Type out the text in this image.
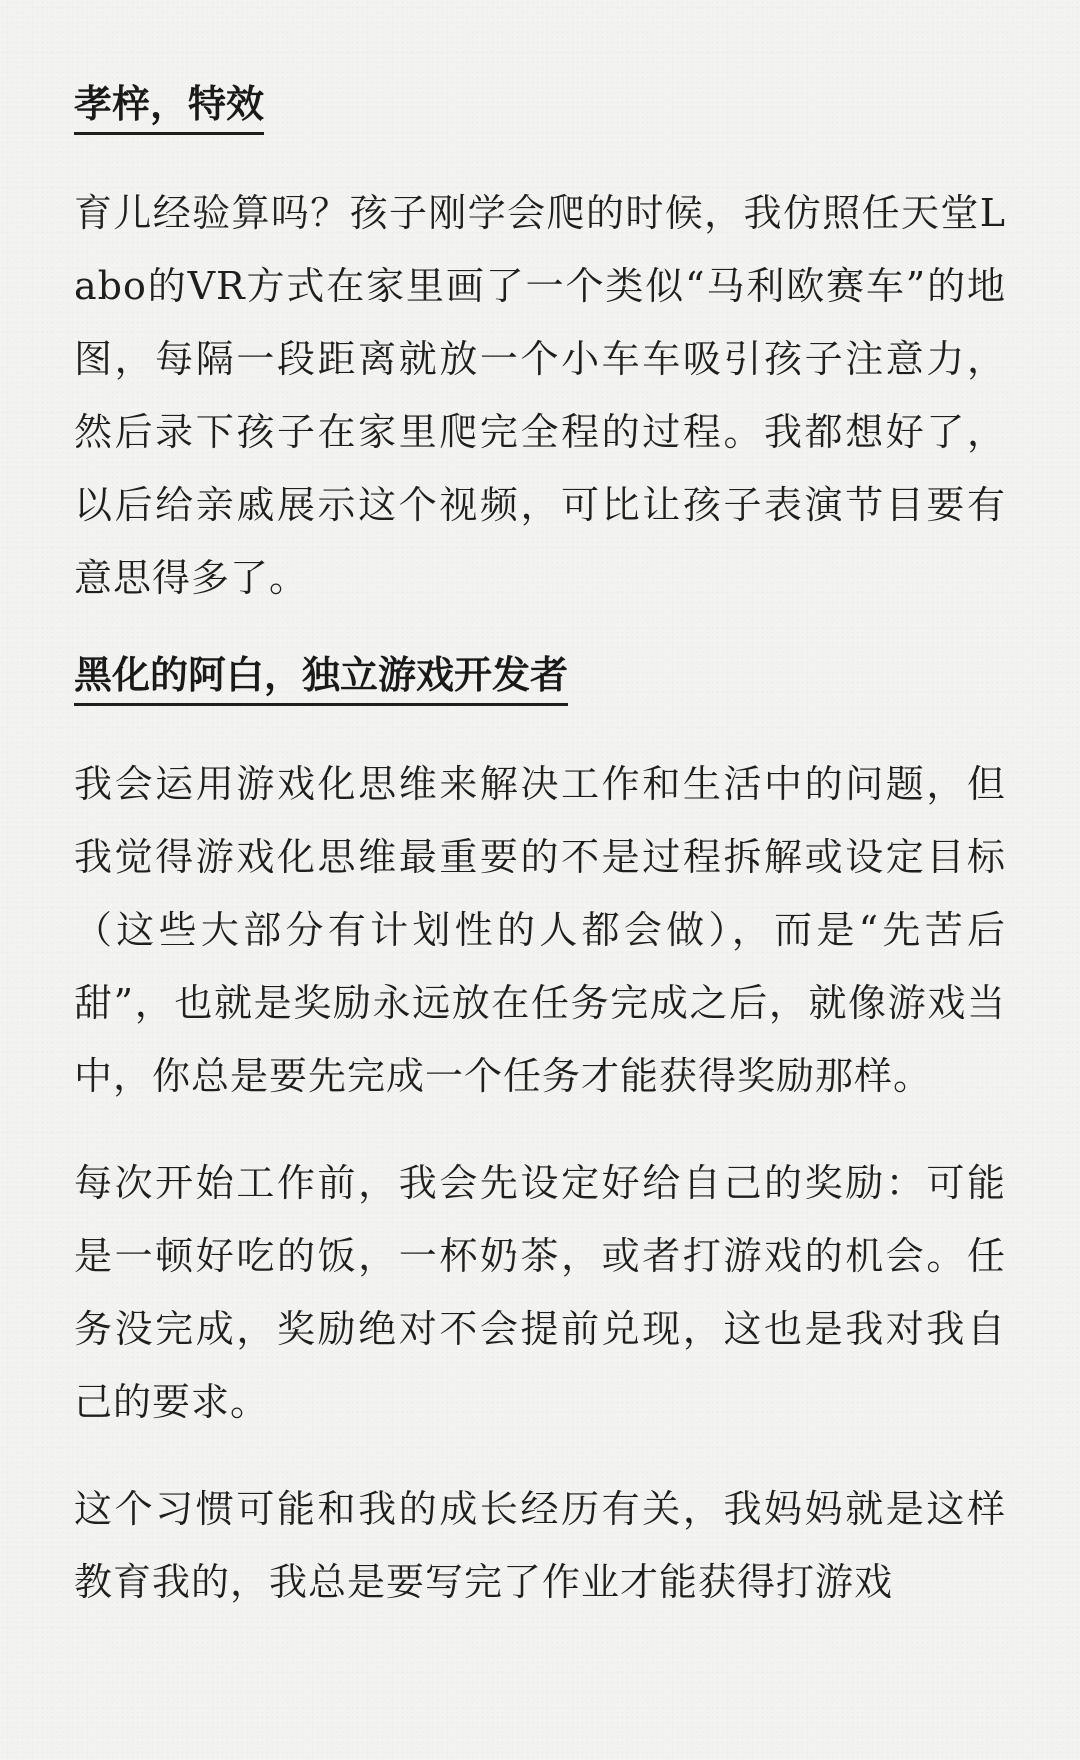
孝梓，特效

育儿经验算吗？孩子刚学会爬的时候，我仿照任天堂Labo的VR方式在家里画了一个类似“马利欧赛车”的地图，每隔一段距离就放一个小车车吸引孩子注意力，然后录下孩子在家里爬完全程的过程。我都想好了，以后给亲戚展示这个视频，可比让孩子表演节目要有意思得多了。

黑化的阿白，独立游戏开发者

我会运用游戏化思维来解决工作和生活中的问题，但我觉得游戏化思维最重要的不是过程拆解或设定目标（这些大部分有计划性的人都会做），而是“先苦后甜”，也就是奖励永远放在任务完成之后，就像游戏当中，你总是要先完成一个任务才能获得奖励那样。

每次开始工作前，我会先设定好给自己的奖励：可能是一顿好吃的饭，一杯奶茶，或者打游戏的机会。任务没完成，奖励绝对不会提前兑现，这也是我对我自己的要求。

这个习惯可能和我的成长经历有关，我妈妈就是这样教育我的，我总是要写完了作业才能获得打游戏
